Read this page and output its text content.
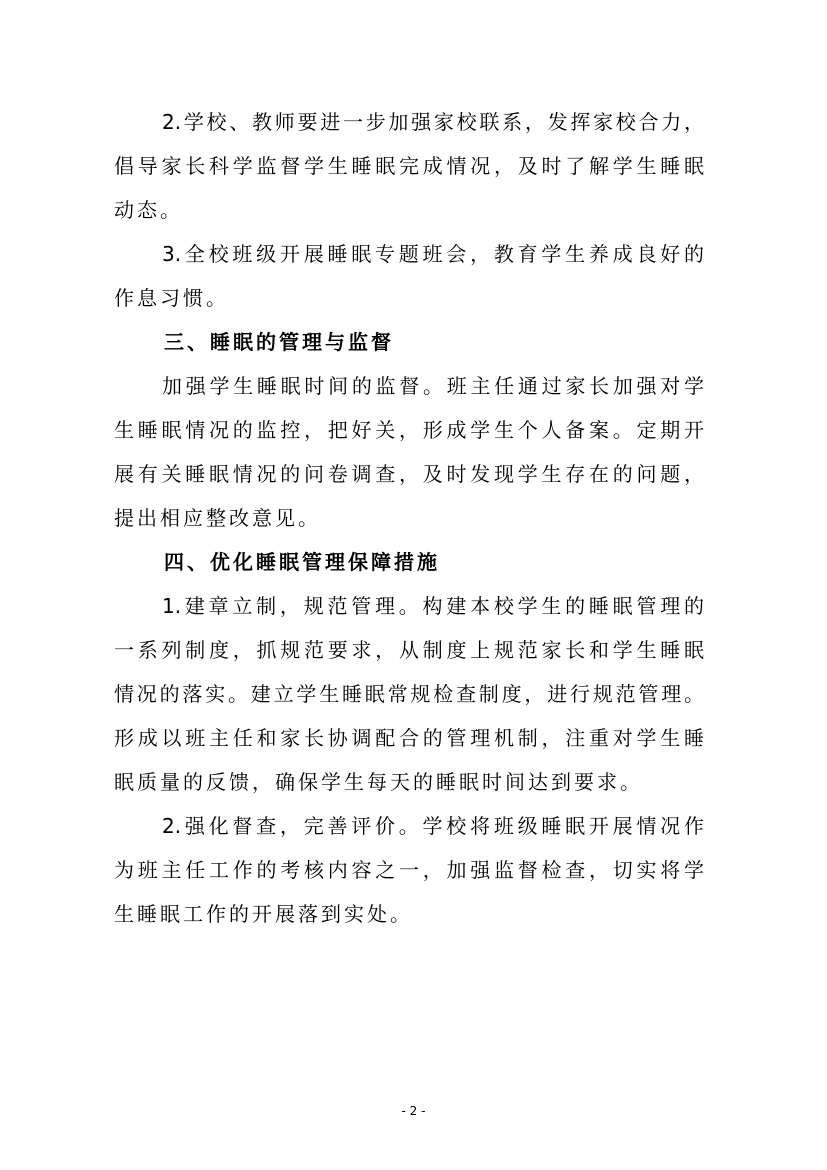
2.学校、教师要进一步加强家校联系，发挥家校合力，
倡导家长科学监督学生睡眠完成情况，及时了解学生睡眠
动态。
3.全校班级开展睡眠专题班会，教育学生养成良好的
作息习惯。
三、睡眠的管理与监督
加强学生睡眠时间的监督。班主任通过家长加强对学
生睡眠情况的监控，把好关，形成学生个人备案。定期开
展有关睡眠情况的问卷调查，及时发现学生存在的问题，
提出相应整改意见。
四、优化睡眠管理保障措施
1.建章立制，规范管理。构建本校学生的睡眠管理的
一系列制度，抓规范要求，从制度上规范家长和学生睡眠
情况的落实。建立学生睡眠常规检查制度，进行规范管理。
形成以班主任和家长协调配合的管理机制，注重对学生睡
眠质量的反馈，确保学生每天的睡眠时间达到要求。
2.强化督查，完善评价。学校将班级睡眠开展情况作
为班主任工作的考核内容之一，加强监督检查，切实将学
生睡眠工作的开展落到实处。
- 2 -
